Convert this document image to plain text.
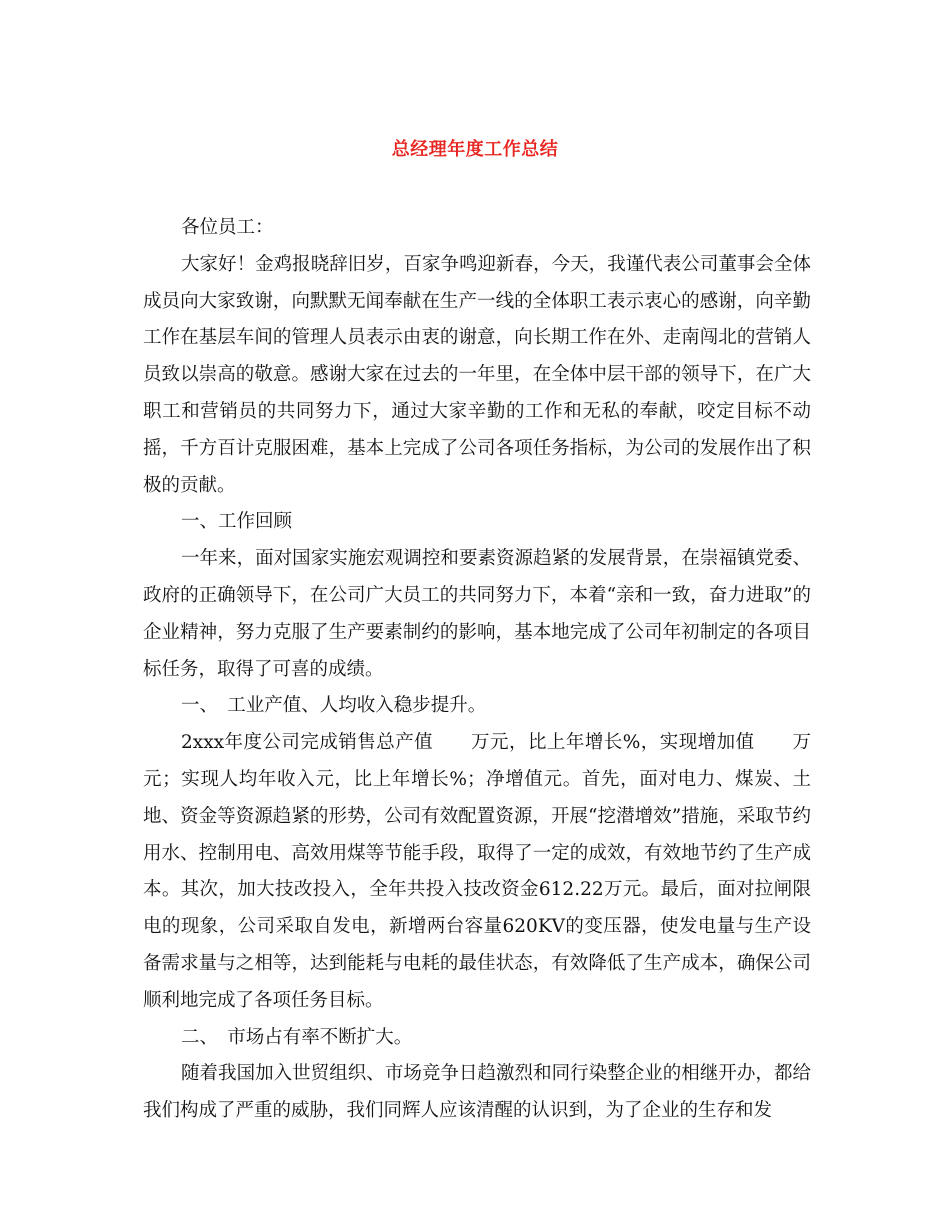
总经理年度工作总结

各位员工：

大家好！金鸡报晓辞旧岁，百家争鸣迎新春，今天，我谨代表公司董事会全体成员向大家致谢，向默默无闻奉献在生产一线的全体职工表示衷心的感谢，向辛勤工作在基层车间的管理人员表示由衷的谢意，向长期工作在外、走南闯北的营销人员致以崇高的敬意。感谢大家在过去的一年里，在全体中层干部的领导下，在广大职工和营销员的共同努力下，通过大家辛勤的工作和无私的奉献，咬定目标不动摇，千方百计克服困难，基本上完成了公司各项任务指标，为公司的发展作出了积极的贡献。

一、工作回顾

一年来，面对国家实施宏观调控和要素资源趋紧的发展背景，在崇福镇党委、政府的正确领导下，在公司广大员工的共同努力下，本着“亲和一致，奋力进取”的企业精神，努力克服了生产要素制约的影响，基本地完成了公司年初制定的各项目标任务，取得了可喜的成绩。

一、　工业产值、人均收入稳步提升。

2xxx年度公司完成销售总产值　　万元，比上年增长%，实现增加值　　万元；实现人均年收入元，比上年增长%；净增值元。首先，面对电力、煤炭、土地、资金等资源趋紧的形势，公司有效配置资源，开展“挖潜增效”措施，采取节约用水、控制用电、高效用煤等节能手段，取得了一定的成效，有效地节约了生产成本。其次，加大技改投入，全年共投入技改资金612.22万元。最后，面对拉闸限电的现象，公司采取自发电，新增两台容量620KV的变压器，使发电量与生产设备需求量与之相等，达到能耗与电耗的最佳状态，有效降低了生产成本，确保公司顺利地完成了各项任务目标。

二、　市场占有率不断扩大。

随着我国加入世贸组织、市场竞争日趋激烈和同行染整企业的相继开办，都给我们构成了严重的威胁，我们同辉人应该清醒的认识到，为了企业的生存和发
